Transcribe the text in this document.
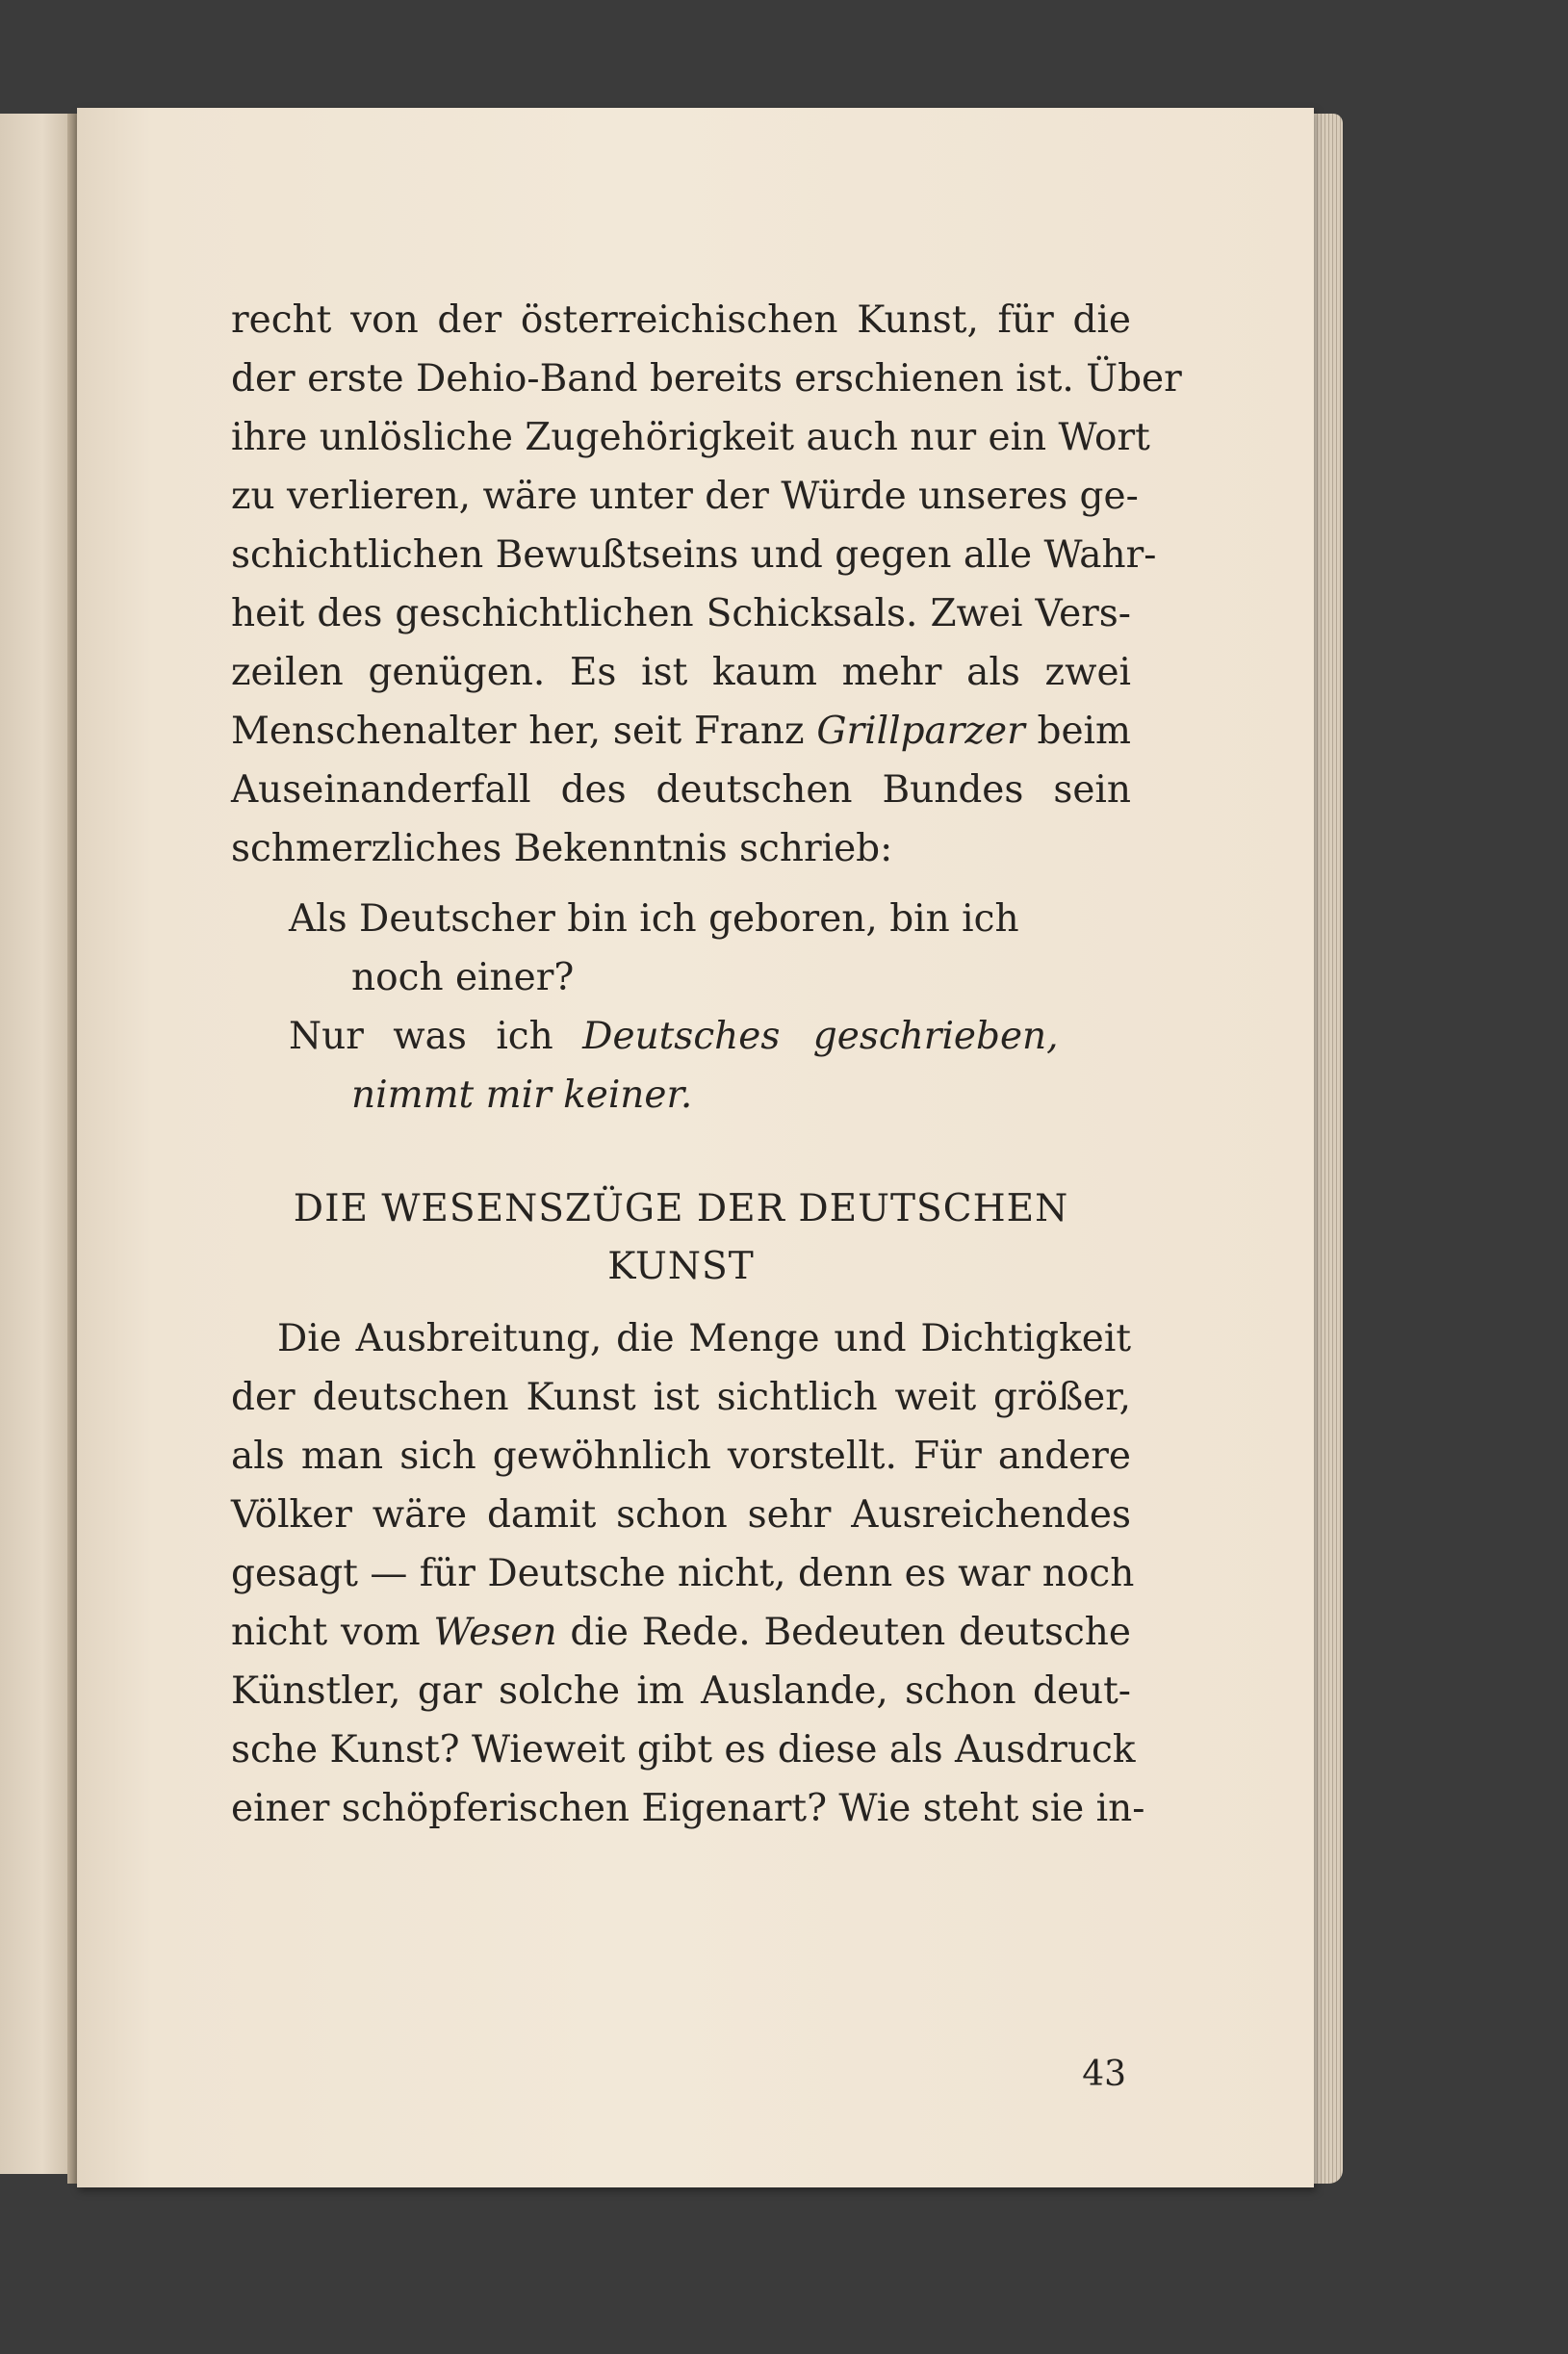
recht von der österreichischen Kunst, für die
der erste Dehio-Band bereits erschienen ist. Über
ihre unlösliche Zugehörigkeit auch nur ein Wort
zu verlieren, wäre unter der Würde unseres ge-
schichtlichen Bewußtseins und gegen alle Wahr-
heit des geschichtlichen Schicksals. Zwei Vers-
zeilen genügen. Es ist kaum mehr als zwei
Menschenalter her, seit Franz Grillparzer beim
Auseinanderfall des deutschen Bundes sein
schmerzliches Bekenntnis schrieb:
Als Deutscher bin ich geboren, bin ich
noch einer?
Nur was ich Deutsches geschrieben,
nimmt mir keiner.
DIE WESENSZÜGE DER DEUTSCHEN
KUNST
Die Ausbreitung, die Menge und Dichtigkeit
der deutschen Kunst ist sichtlich weit größer,
als man sich gewöhnlich vorstellt. Für andere
Völker wäre damit schon sehr Ausreichendes
gesagt — für Deutsche nicht, denn es war noch
nicht vom Wesen die Rede. Bedeuten deutsche
Künstler, gar solche im Auslande, schon deut-
sche Kunst? Wieweit gibt es diese als Ausdruck
einer schöpferischen Eigenart? Wie steht sie in-
43
